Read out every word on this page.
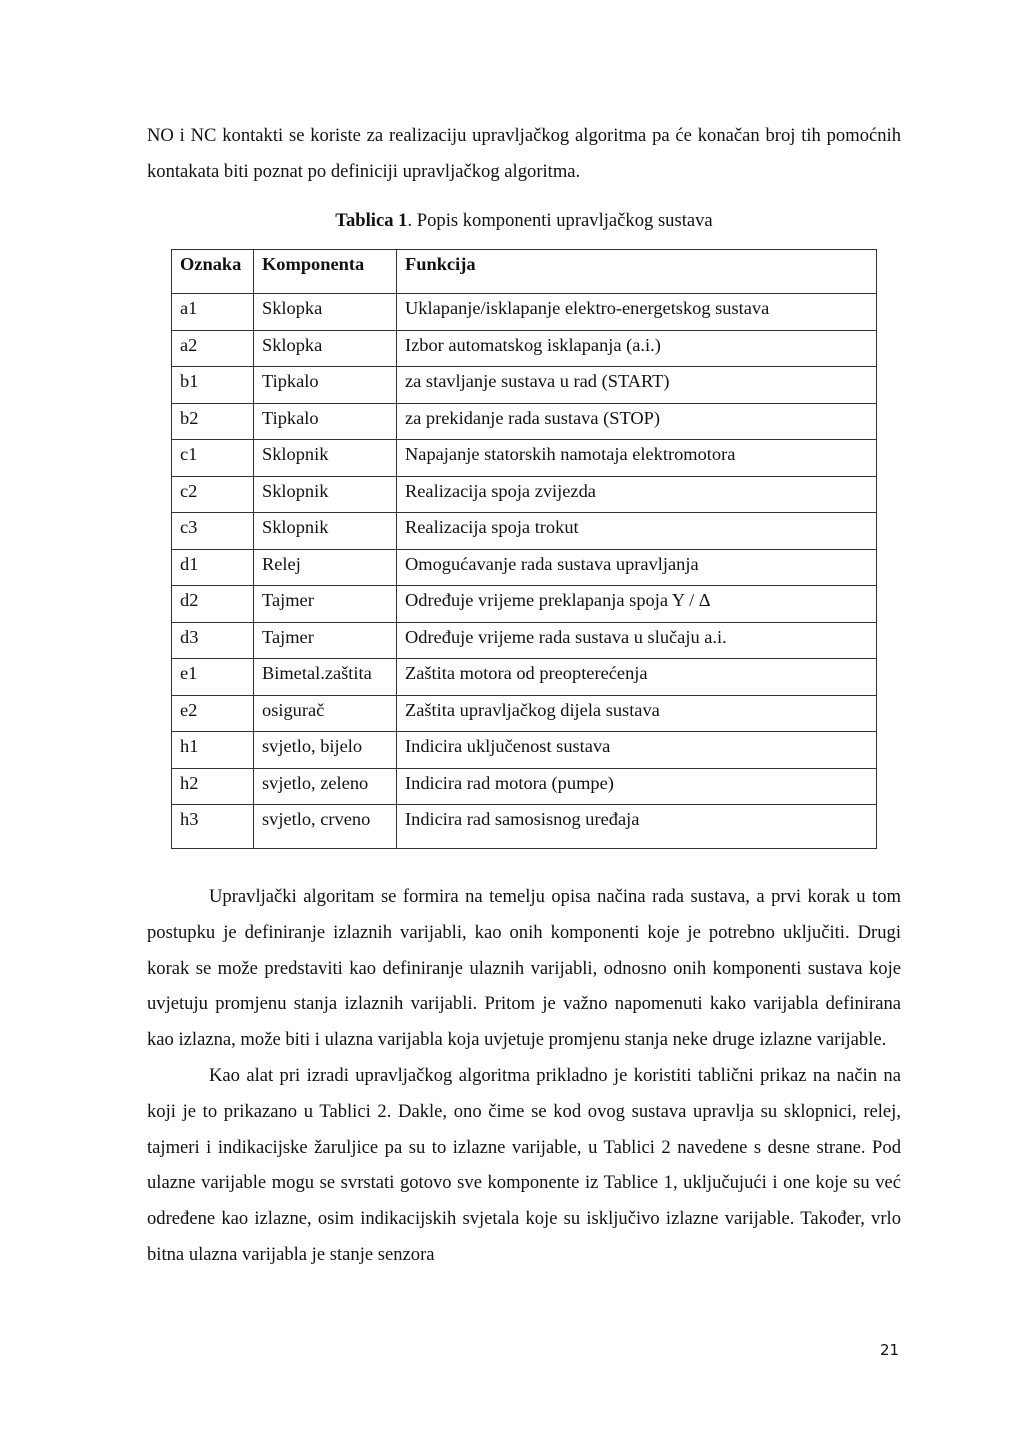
NO i NC kontakti se koriste za realizaciju upravljačkog algoritma pa će konačan broj tih pomoćnih kontakata biti poznat po definiciji upravljačkog algoritma.

Tablica 1. Popis komponenti upravljačkog sustava

Oznaka	Komponenta	Funkcija
a1	Sklopka	Uklapanje/isklapanje elektro-energetskog sustava
a2	Sklopka	Izbor automatskog isklapanja (a.i.)
b1	Tipkalo	za stavljanje sustava u rad (START)
b2	Tipkalo	za prekidanje rada sustava (STOP)
c1	Sklopnik	Napajanje statorskih namotaja elektromotora
c2	Sklopnik	Realizacija spoja zvijezda
c3	Sklopnik	Realizacija spoja trokut
d1	Relej	Omogućavanje rada sustava upravljanja
d2	Tajmer	Određuje vrijeme preklapanja spoja Y / Δ
d3	Tajmer	Određuje vrijeme rada sustava u slučaju a.i.
e1	Bimetal.zaštita	Zaštita motora od preopterećenja
e2	osigurač	Zaštita upravljačkog dijela sustava
h1	svjetlo, bijelo	Indicira uključenost sustava
h2	svjetlo, zeleno	Indicira rad motora (pumpe)
h3	svjetlo, crveno	Indicira rad samosisnog uređaja

Upravljački algoritam se formira na temelju opisa načina rada sustava, a prvi korak u tom postupku je definiranje izlaznih varijabli, kao onih komponenti koje je potrebno uključiti. Drugi korak se može predstaviti kao definiranje ulaznih varijabli, odnosno onih komponenti sustava koje uvjetuju promjenu stanja izlaznih varijabli. Pritom je važno napomenuti kako varijabla definirana kao izlazna, može biti i ulazna varijabla koja uvjetuje promjenu stanja neke druge izlazne varijable.

Kao alat pri izradi upravljačkog algoritma prikladno je koristiti tablični prikaz na način na koji je to prikazano u Tablici 2. Dakle, ono čime se kod ovog sustava upravlja su sklopnici, relej, tajmeri i indikacijske žaruljice pa su to izlazne varijable, u Tablici 2 navedene s desne strane. Pod ulazne varijable mogu se svrstati gotovo sve komponente iz Tablice 1, uključujući i one koje su već određene kao izlazne, osim indikacijskih svjetala koje su isključivo izlazne varijable. Također, vrlo bitna ulazna varijabla je stanje senzora

21
